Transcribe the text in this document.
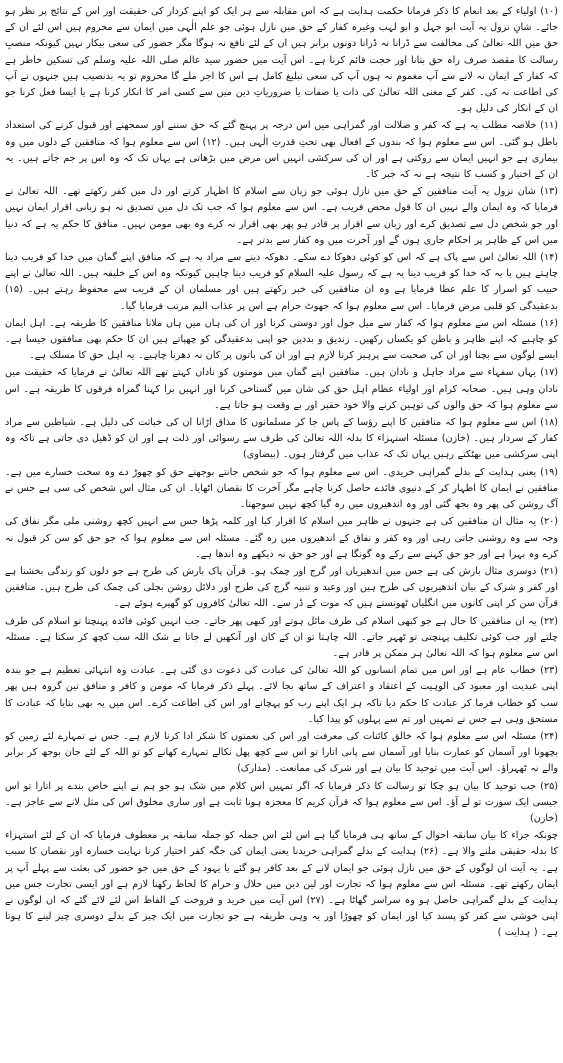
(۱۰) اولیاء کے بعد انعام کا ذکر فرمانا حکمت ہدایت ہے کہ اس مقابلہ سے ہر ایک کو اپنے کردار کی حقیقت اور اس کے نتائج پر نظر ہو جائے۔ شانِ نزول یہ آیت ابو جہل و ابو لہب وغیرہ کفار کے حق میں نازل ہوئی جو علم الٰہی میں ایمان سے محروم ہیں اس لئے ان کے حق میں اللہ تعالیٰ کی مخالفت سے ڈرانا نہ ڈرانا دونوں برابر ہیں ان کے لئے نافع نہ ہوگا مگر حضور کی سعی بیکار نہیں کیونکہ منصبِ رسالت کا مقصد صرف راہ حق بتانا اور حجت قائم کرنا ہے۔ اس آیت میں حضور سید عالم صلی اللہ علیہ وسلم کی تسکین خاطر ہے کہ کفار کے ایمان نہ لانے سے آپ مغموم نہ ہوں آپ کی سعی تبلیغ کامل ہے اس کا اجر ملے گا محروم تو یہ بدنصیب ہیں جنہوں نے آپ کی اطاعت نہ کی۔ کفر کے معنی اللہ تعالیٰ کی ذات یا صفات یا ضروریاتِ دین میں سے کسی امر کا انکار کرنا ہے یا ایسا فعل کرنا جو ان کے انکار کی دلیل ہو۔

(۱۱) خلاصہ مطلب یہ ہے کہ کفر و ضلالت اور گمراہی میں اس درجہ پر پہنچ گئے کہ حق سننے اور سمجھنے اور قبول کرنے کی استعداد باطل ہو گئی۔ اس سے معلوم ہوا کہ بندوں کے افعال بھی تحتِ قدرتِ الٰہی ہیں۔ (۱۲) اس سے معلوم ہوا کہ منافقین کے دلوں میں وہ بیماری ہے جو انہیں ایمان سے روکتی ہے اور ان کی سرکشی انہیں اس مرض میں بڑھاتی ہے یہاں تک کہ وہ اس پر جم جاتے ہیں۔ یہ ان کے اختیار و کسب کا نتیجہ ہے نہ کہ جبر کا۔

(۱۳) شان نزول یہ آیت منافقین کے حق میں نازل ہوئی جو زبان سے اسلام کا اظہار کرتے اور دل میں کفر رکھتے تھے۔ اللہ تعالیٰ نے فرمایا کہ وہ ایمان والے نہیں ان کا قول محض فریب ہے۔ اس سے معلوم ہوا کہ جب تک دل میں تصدیق نہ ہو زبانی اقرار ایمان نہیں اور جو شخص دل سے تصدیق کرے اور زبان سے اقرار پر قادر ہو پھر بھی اقرار نہ کرے وہ بھی مومن نہیں۔ منافق کا حکم یہ ہے کہ دنیا میں اس کے ظاہر پر احکام جاری ہوں گے اور آخرت میں وہ کفار سے بدتر ہے۔

(۱۴) اللہ تعالیٰ اس سے پاک ہے کہ اس کو کوئی دھوکا دے سکے۔ دھوکہ دینے سے مراد یہ ہے کہ منافق اپنے گمان میں خدا کو فریب دینا چاہتے ہیں یا یہ کہ خدا کو فریب دینا یہ ہے کہ رسول علیہ السلام کو فریب دینا چاہیں کیونکہ وہ اس کے خلیفہ ہیں۔ اللہ تعالیٰ نے اپنے حبیب کو اسرار کا علم عطا فرمایا ہے وہ ان منافقین کی خبر رکھتے ہیں اور مسلمان ان کے فریب سے محفوظ رہتے ہیں۔ (۱۵) بدعقیدگی کو قلبی مرض فرمایا۔ اس سے معلوم ہوا کہ جھوٹ حرام ہے اس پر عذاب الیم مرتب فرمایا گیا۔

(۱۶) مسئلہ اس سے معلوم ہوا کہ کفار سے میل جول اور دوستی کرنا اور ان کی ہاں میں ہاں ملانا منافقین کا طریقہ ہے۔ اہل ایمان کو چاہیے کہ اپنے ظاہر و باطن کو یکساں رکھیں۔ زندیق و بددین جو اپنی بدعقیدگی کو چھپاتے ہیں ان کا حکم بھی منافقوں جیسا ہے۔ ایسے لوگوں سے بچنا اور ان کی صحبت سے پرہیز کرنا لازم ہے اور ان کی باتوں پر کان نہ دھرنا چاہیے۔ یہ اہل حق کا مسلک ہے۔

(۱۷) یہاں سفہاء سے مراد جاہل و نادان ہیں۔ منافقین اپنے گمان میں مومنوں کو نادان کہتے تھے اللہ تعالیٰ نے فرمایا کہ حقیقت میں نادان وہی ہیں۔ صحابہ کرام اور اولیاء عظام اہل حق کی شان میں گستاخی کرنا اور انہیں برا کہنا گمراہ فرقوں کا طریقہ ہے۔ اس سے معلوم ہوا کہ حق والوں کی توہین کرنے والا خود حقیر اور بے وقعت ہو جاتا ہے۔

(۱۸) اس سے معلوم ہوا کہ منافقین کا اپنے رؤسا کے پاس جا کر مسلمانوں کا مذاق اڑانا ان کی خباثت کی دلیل ہے۔ شیاطین سے مراد کفار کے سردار ہیں۔ (خازن) مسئلہ استہزاء کا بدلہ اللہ تعالیٰ کی طرف سے رسوائی اور ذلت ہے اور ان کو ڈھیل دی جاتی ہے تاکہ وہ اپنی سرکشی میں بھٹکتے رہیں یہاں تک کہ عذاب میں گرفتار ہوں۔ (بیضاوی)

(۱۹) یعنی ہدایت کے بدلے گمراہی خریدی۔ اس سے معلوم ہوا کہ جو شخص جانتے بوجھتے حق کو چھوڑ دے وہ سخت خسارے میں ہے۔ منافقین نے ایمان کا اظہار کر کے دنیوی فائدے حاصل کرنا چاہے مگر آخرت کا نقصان اٹھایا۔ ان کی مثال اس شخص کی سی ہے جس نے آگ روشن کی پھر وہ بجھ گئی اور وہ اندھیروں میں رہ گیا کچھ نہیں سوجھتا۔

(۲۰) یہ مثال ان منافقین کی ہے جنہوں نے ظاہر میں اسلام کا اقرار کیا اور کلمہ پڑھا جس سے انہیں کچھ روشنی ملی مگر نفاق کی وجہ سے وہ روشنی جاتی رہی اور وہ کفر و نفاق کے اندھیروں میں رہ گئے۔ مسئلہ اس سے معلوم ہوا کہ جو حق کو سن کر قبول نہ کرے وہ بہرا ہے اور جو حق کہنے سے رکے وہ گونگا ہے اور جو حق نہ دیکھے وہ اندھا ہے۔

(۲۱) دوسری مثال بارش کی ہے جس میں اندھیریاں اور گرج اور چمک ہو۔ قرآن پاک بارش کی طرح ہے جو دلوں کو زندگی بخشتا ہے اور کفر و شرک کے بیان اندھیریوں کی طرح ہیں اور وعید و تنبیہ گرج کی طرح اور دلائل روشن بجلی کی چمک کی طرح ہیں۔ منافقین قرآن سن کر اپنی کانوں میں انگلیاں ٹھونستے ہیں کہ موت کے ڈر سے۔ اللہ تعالیٰ کافروں کو گھیرے ہوئے ہے۔

(۲۲) یہ ان منافقین کا حال ہے جو کبھی اسلام کی طرف مائل ہوتے اور کبھی پھر جاتے۔ جب انہیں کوئی فائدہ پہنچتا تو اسلام کی طرف چلتے اور جب کوئی تکلیف پہنچتی تو ٹھہر جاتے۔ اللہ چاہتا تو ان کے کان اور آنکھیں لے جاتا بے شک اللہ سب کچھ کر سکتا ہے۔ مسئلہ اس سے معلوم ہوا کہ اللہ تعالیٰ ہر ممکن پر قادر ہے۔

(۲۳) خطاب عام ہے اور اس میں تمام انسانوں کو اللہ تعالیٰ کی عبادت کی دعوت دی گئی ہے۔ عبادت وہ انتہائی تعظیم ہے جو بندہ اپنی عبدیت اور معبود کی الوہیت کے اعتقاد و اعتراف کے ساتھ بجا لائے۔ پہلے ذکر فرمایا کہ مومن و کافر و منافق تین گروہ ہیں پھر سب کو خطاب فرما کر عبادت کا حکم دیا تاکہ ہر ایک اپنے رب کو پہچانے اور اس کی اطاعت کرے۔ اس میں یہ بھی بتایا کہ عبادت کا مستحق وہی ہے جس نے تمہیں اور تم سے پہلوں کو پیدا کیا۔

(۲۴) مسئلہ اس سے معلوم ہوا کہ خالق کائنات کی معرفت اور اس کی نعمتوں کا شکر ادا کرنا لازم ہے۔ جس نے تمہارے لئے زمین کو بچھونا اور آسمان کو عمارت بنایا اور آسمان سے پانی اتارا تو اس سے کچھ پھل نکالے تمہارے کھانے کو تو اللہ کے لئے جان بوجھ کر برابر والے نہ ٹھہراؤ۔ اس آیت میں توحید کا بیان ہے اور شرک کی ممانعت۔ (مدارک)

(۲۵) جب توحید کا بیان ہو چکا تو رسالت کا ذکر فرمایا کہ اگر تمہیں اس کلام میں شک ہو جو ہم نے اپنے خاص بندے پر اتارا تو اس جیسی ایک سورت تو لے آؤ۔ اس سے معلوم ہوا کہ قرآن کریم کا معجزہ ہونا ثابت ہے اور ساری مخلوق اس کی مثل لانے سے عاجز ہے۔ (خازن)

چونکہ جزاء کا بیان سابقہ احوال کے ساتھ ہی فرمایا گیا ہے اس لئے اس جملہ کو جملہ سابقہ پر معطوف فرمایا کہ ان کے لئے استہزاء کا بدلہ حقیقی ملنے والا ہے۔ (۲۶) ہدایت کے بدلے گمراہی خریدنا یعنی ایمان کی جگہ کفر اختیار کرنا نہایت خسارہ اور نقصان کا سبب ہے۔ یہ آیت ان لوگوں کے حق میں نازل ہوئی جو ایمان لانے کے بعد کافر ہو گئے یا یہود کے حق میں جو حضور کی بعثت سے پہلے آپ پر ایمان رکھتے تھے۔ مسئلہ اس سے معلوم ہوا کہ تجارت اور لین دین میں حلال و حرام کا لحاظ رکھنا لازم ہے اور ایسی تجارت جس میں ہدایت کے بدلے گمراہی حاصل ہو وہ سراسر گھاٹا ہے۔ (۲۷) اس آیت میں خرید و فروخت کے الفاظ اس لئے لائے گئے کہ ان لوگوں نے اپنی خوشی سے کفر کو پسند کیا اور ایمان کو چھوڑا اور یہ وہی طریقہ ہے جو تجارت میں ایک چیز کے بدلے دوسری چیز لینے کا ہوتا ہے۔ ( ہدایت )
